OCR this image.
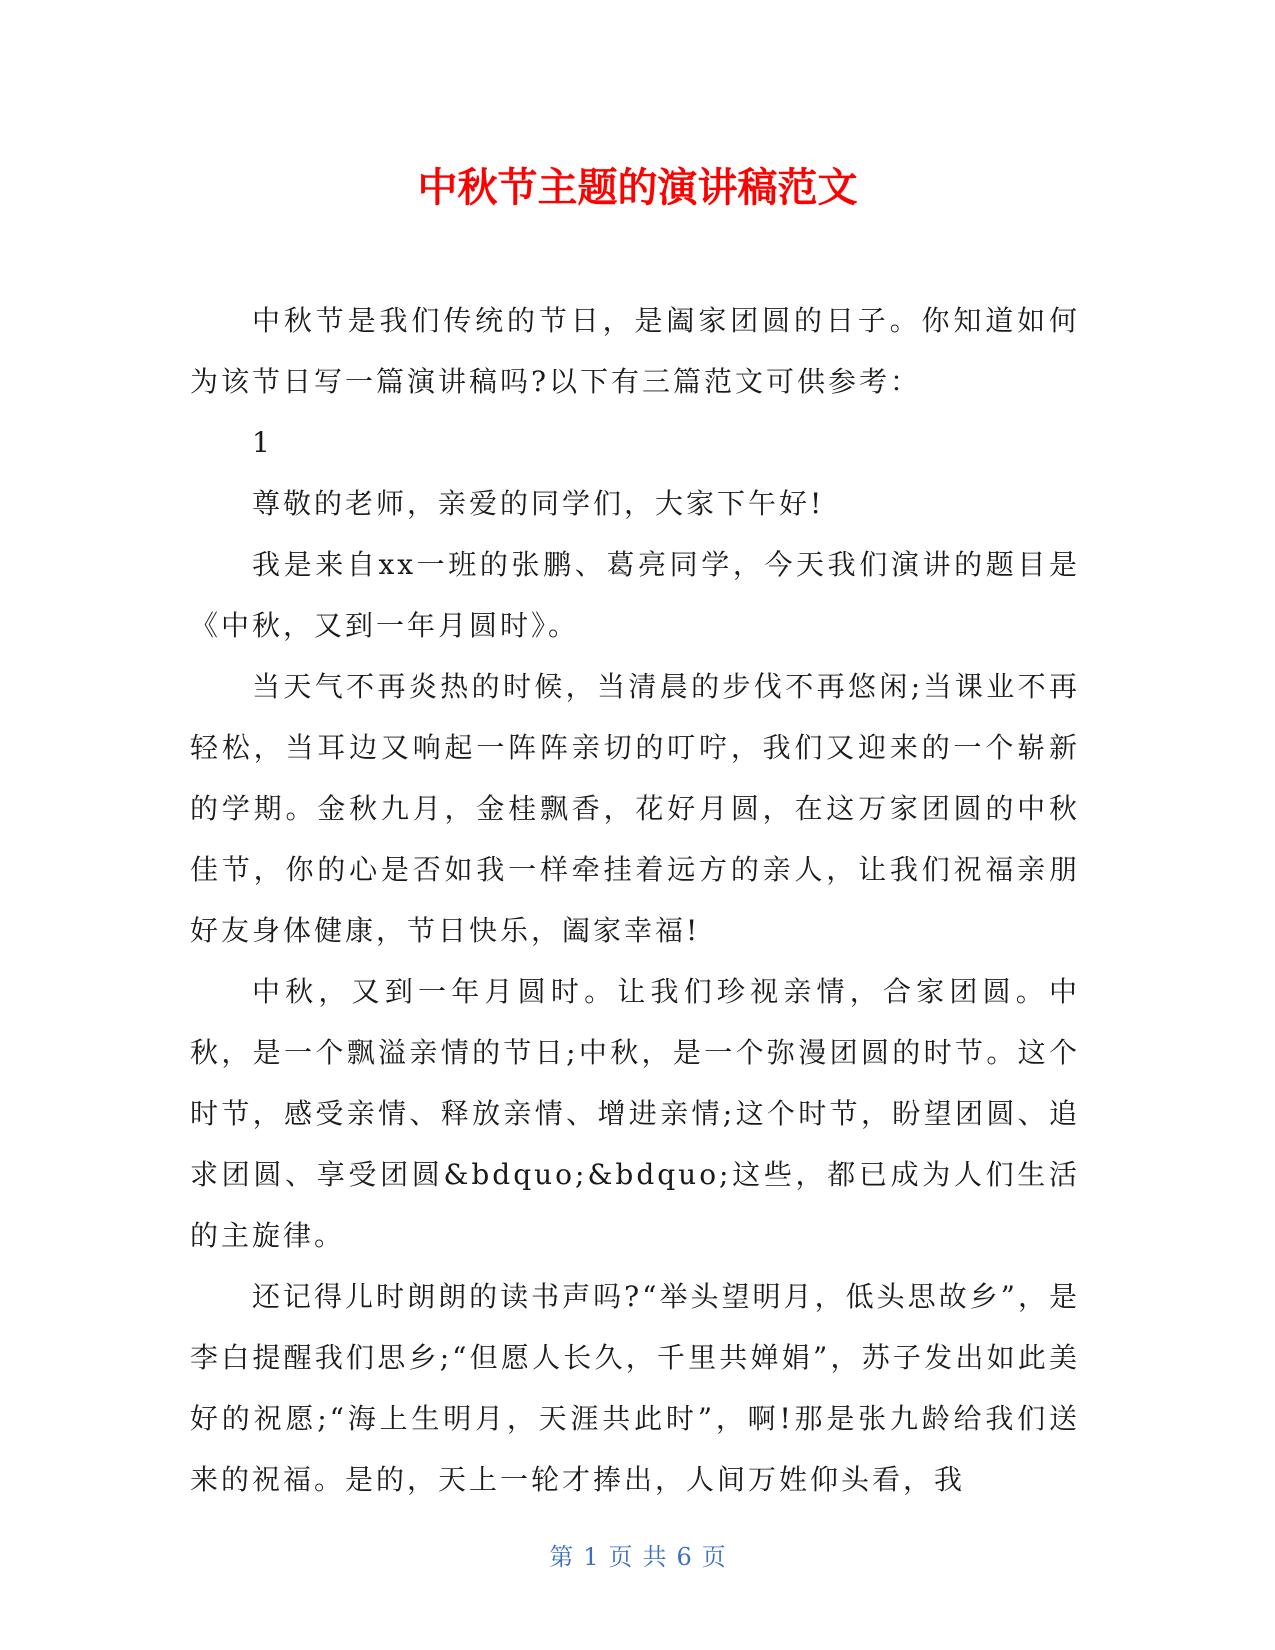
中秋节主题的演讲稿范文

中秋节是我们传统的节日，是阖家团圆的日子。你知道如何为该节日写一篇演讲稿吗?以下有三篇范文可供参考：

1

尊敬的老师，亲爱的同学们，大家下午好!

我是来自xx一班的张鹏、葛亮同学，今天我们演讲的题目是《中秋，又到一年月圆时》。

当天气不再炎热的时候，当清晨的步伐不再悠闲;当课业不再轻松，当耳边又响起一阵阵亲切的叮咛，我们又迎来的一个崭新的学期。金秋九月，金桂飘香，花好月圆，在这万家团圆的中秋佳节，你的心是否如我一样牵挂着远方的亲人，让我们祝福亲朋好友身体健康，节日快乐，阖家幸福!

中秋，又到一年月圆时。让我们珍视亲情，合家团圆。中秋，是一个飘溢亲情的节日;中秋，是一个弥漫团圆的时节。这个时节，感受亲情、释放亲情、增进亲情;这个时节，盼望团圆、追求团圆、享受团圆&bdquo;&bdquo;这些，都已成为人们生活的主旋律。

还记得儿时朗朗的读书声吗?“举头望明月，低头思故乡”，是李白提醒我们思乡;“但愿人长久，千里共婵娟”，苏子发出如此美好的祝愿;“海上生明月，天涯共此时”，啊!那是张九龄给我们送来的祝福。是的，天上一轮才捧出，人间万姓仰头看，我

第 1 页 共 6 页
